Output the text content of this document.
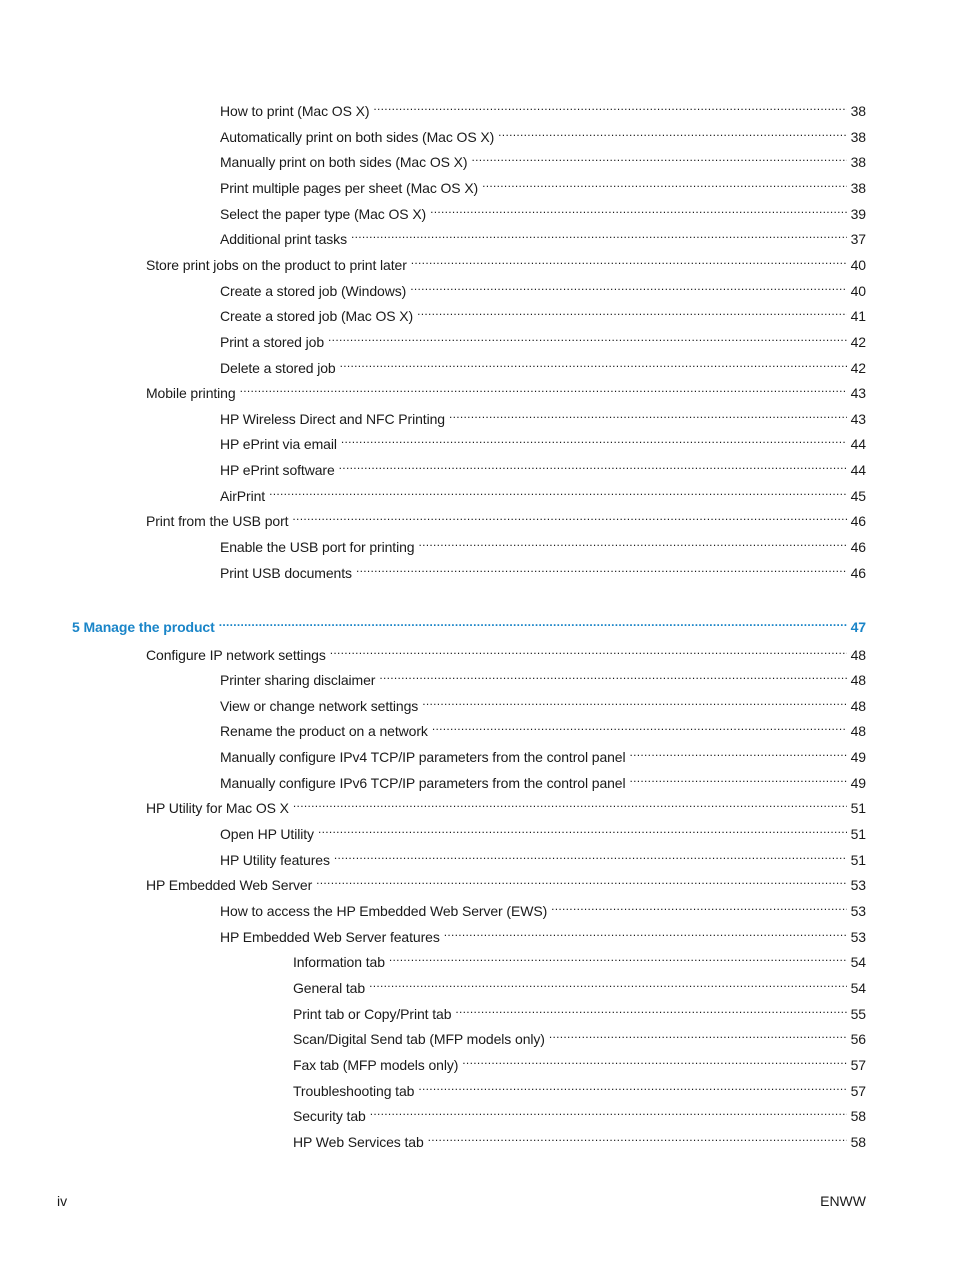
How to print (Mac OS X) .....	38
Automatically print on both sides (Mac OS X) .....	38
Manually print on both sides (Mac OS X) .....	38
Print multiple pages per sheet (Mac OS X) .....	38
Select the paper type (Mac OS X) .....	39
Additional print tasks .....	37
Store print jobs on the product to print later .....	40
Create a stored job (Windows) .....	40
Create a stored job (Mac OS X) .....	41
Print a stored job .....	42
Delete a stored job .....	42
Mobile printing .....	43
HP Wireless Direct and NFC Printing .....	43
HP ePrint via email .....	44
HP ePrint software .....	44
AirPrint .....	45
Print from the USB port .....	46
Enable the USB port for printing .....	46
Print USB documents .....	46
5 Manage the product .....	47
Configure IP network settings .....	48
Printer sharing disclaimer .....	48
View or change network settings .....	48
Rename the product on a network .....	48
Manually configure IPv4 TCP/IP parameters from the control panel .....	49
Manually configure IPv6 TCP/IP parameters from the control panel .....	49
HP Utility for Mac OS X .....	51
Open HP Utility .....	51
HP Utility features .....	51
HP Embedded Web Server .....	53
How to access the HP Embedded Web Server (EWS) .....	53
HP Embedded Web Server features .....	53
Information tab .....	54
General tab .....	54
Print tab or Copy/Print tab .....	55
Scan/Digital Send tab (MFP models only) .....	56
Fax tab (MFP models only) .....	57
Troubleshooting tab .....	57
Security tab .....	58
HP Web Services tab .....	58
iv	ENWW
